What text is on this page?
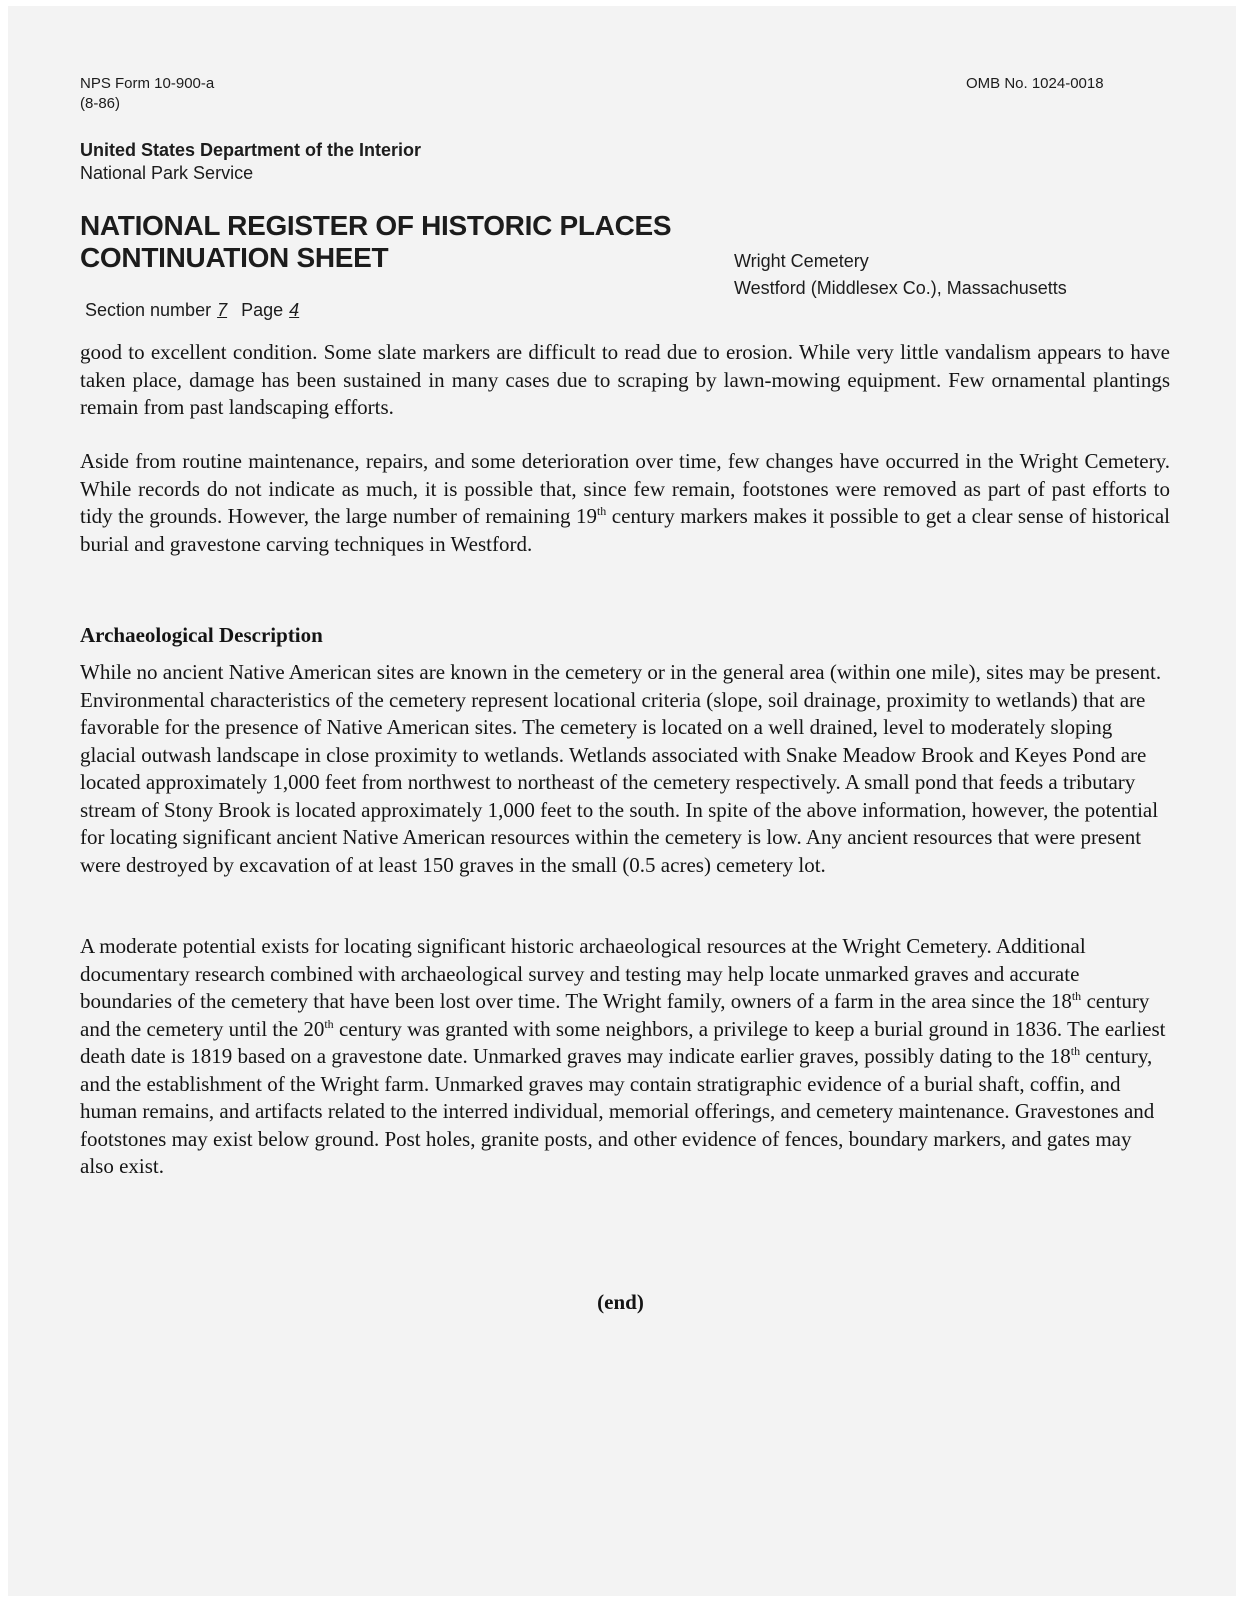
NPS Form 10-900-a
(8-86)
OMB No. 1024-0018
United States Department of the Interior
National Park Service
NATIONAL REGISTER OF HISTORIC PLACES
CONTINUATION SHEET	Wright Cemetery
Westford (Middlesex Co.), Massachusetts
Section number 7 Page 4

good to excellent condition. Some slate markers are difficult to read due to erosion. While very little vandalism appears to have taken place, damage has been sustained in many cases due to scraping by lawn-mowing equipment. Few ornamental plantings remain from past landscaping efforts.

Aside from routine maintenance, repairs, and some deterioration over time, few changes have occurred in the Wright Cemetery. While records do not indicate as much, it is possible that, since few remain, footstones were removed as part of past efforts to tidy the grounds. However, the large number of remaining 19th century markers makes it possible to get a clear sense of historical burial and gravestone carving techniques in Westford.

Archaeological Description

While no ancient Native American sites are known in the cemetery or in the general area (within one mile), sites may be present. Environmental characteristics of the cemetery represent locational criteria (slope, soil drainage, proximity to wetlands) that are favorable for the presence of Native American sites. The cemetery is located on a well drained, level to moderately sloping glacial outwash landscape in close proximity to wetlands. Wetlands associated with Snake Meadow Brook and Keyes Pond are located approximately 1,000 feet from northwest to northeast of the cemetery respectively. A small pond that feeds a tributary stream of Stony Brook is located approximately 1,000 feet to the south. In spite of the above information, however, the potential for locating significant ancient Native American resources within the cemetery is low. Any ancient resources that were present were destroyed by excavation of at least 150 graves in the small (0.5 acres) cemetery lot.

A moderate potential exists for locating significant historic archaeological resources at the Wright Cemetery. Additional documentary research combined with archaeological survey and testing may help locate unmarked graves and accurate boundaries of the cemetery that have been lost over time. The Wright family, owners of a farm in the area since the 18th century and the cemetery until the 20th century was granted with some neighbors, a privilege to keep a burial ground in 1836. The earliest death date is 1819 based on a gravestone date. Unmarked graves may indicate earlier graves, possibly dating to the 18th century, and the establishment of the Wright farm. Unmarked graves may contain stratigraphic evidence of a burial shaft, coffin, and human remains, and artifacts related to the interred individual, memorial offerings, and cemetery maintenance. Gravestones and footstones may exist below ground. Post holes, granite posts, and other evidence of fences, boundary markers, and gates may also exist.

(end)
